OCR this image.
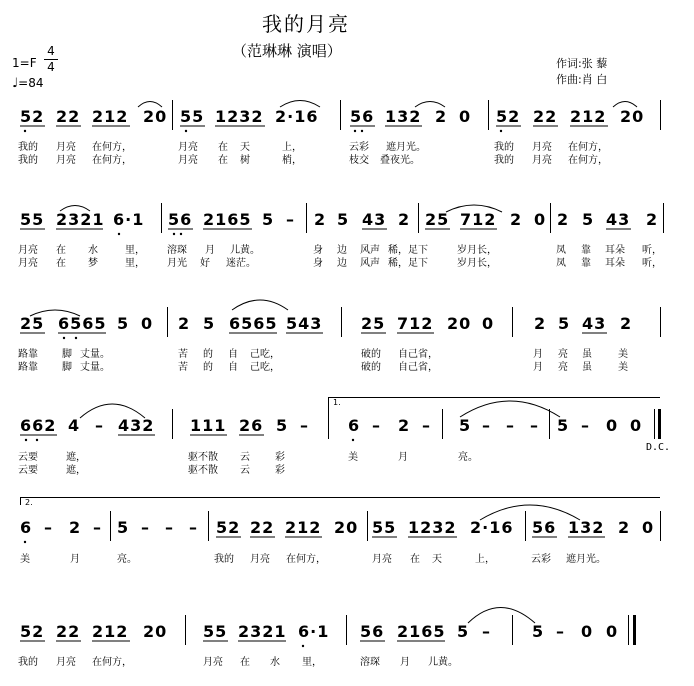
我的月亮
（范琳琳 演唱）
1=F
4
4
♩=84
作词:张 藜
作曲:肖 白
52 22 212 20 55 1232 2·16 56 132 2 0 52 22 212 20
我的 月亮 在何方，	月亮 在 天	上，	云彩 遮月光。	我的 月亮 在何方，
我的 月亮 在何方，	月亮 在 树	梢，	枝交 叠夜光。	我的 月亮 在何方，
55 2321 6·1 56 2165 5 – 2 5 43 2 25 712 2 0 2 5 43 2
月亮 在 水	里， 溶琛 月 儿黄。	身 边 风声 稀，足下	岁月长，	凤 靠 耳朵 听，
月亮 在 梦	里， 月光 好 迷茫。	身 边 风声 稀，足下	岁月长，	凤 靠 耳朵 听，
25 6565 5 0 2 5 6565 543 25 712 20 0 2 5 43 2
路靠 脚 丈量。	苦 的 自 己吃，	破的 自己省，	月 亮 虽	美
路靠 脚 丈量。	苦 的 自 己吃，	破的 自己省，	月 亮 虽	美
662 4 – 432 111 26 5 –
1.
6 – 2 – 5 – – – 5 – 0 0
D.C.
云要	遮，	驱不散 云	彩	美	月	亮。
云要	遮，	驱不散 云	彩
2.
6 – 2 – 5 – – – 52 22 212 20 55 1232 2·16 56 132 2 0
美	月	亮。	我的 月亮 在何方，	月亮 在 天	上，	云彩 遮月光。
52 22 212 20 55 2321 6·1 56 2165 5 –	5 – 0 0
我的 月亮 在何方，	月亮 在 水 里，	溶琛 月 儿黄。
